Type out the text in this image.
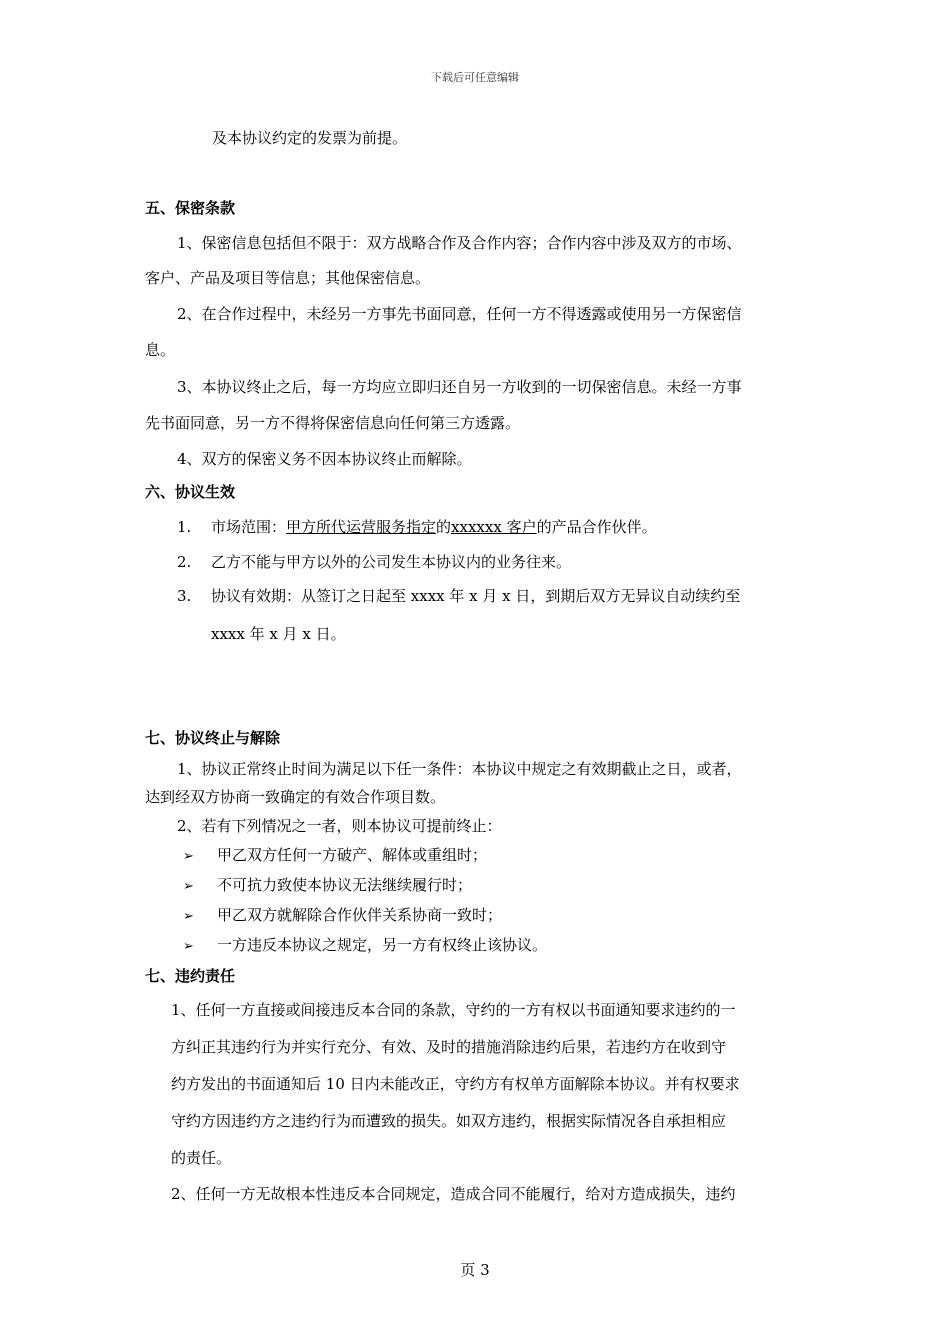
下载后可任意编辑
及本协议约定的发票为前提。
五、保密条款
1、保密信息包括但不限于：双方战略合作及合作内容；合作内容中涉及双方的市场、
客户、产品及项目等信息；其他保密信息。
2、在合作过程中，未经另一方事先书面同意，任何一方不得透露或使用另一方保密信
息。
3、本协议终止之后，每一方均应立即归还自另一方收到的一切保密信息。未经一方事
先书面同意，另一方不得将保密信息向任何第三方透露。
4、双方的保密义务不因本协议终止而解除。
六、协议生效
1. 市场范围：甲方所代运营服务指定的xxxxxx 客户的产品合作伙伴。
2. 乙方不能与甲方以外的公司发生本协议内的业务往来。
3. 协议有效期：从签订之日起至 xxxx 年 x 月 x 日，到期后双方无异议自动续约至
xxxx 年 x 月 x 日。
七、协议终止与解除
1、协议正常终止时间为满足以下任一条件：本协议中规定之有效期截止之日，或者，
达到经双方协商一致确定的有效合作项目数。
2、若有下列情况之一者，则本协议可提前终止：
➢ 甲乙双方任何一方破产、解体或重组时；
➢ 不可抗力致使本协议无法继续履行时；
➢ 甲乙双方就解除合作伙伴关系协商一致时；
➢ 一方违反本协议之规定，另一方有权终止该协议。
七、违约责任
1、任何一方直接或间接违反本合同的条款，守约的一方有权以书面通知要求违约的一
方纠正其违约行为并实行充分、有效、及时的措施消除违约后果，若违约方在收到守
约方发出的书面通知后 10 日内未能改正，守约方有权单方面解除本协议。并有权要求
守约方因违约方之违约行为而遭致的损失。如双方违约，根据实际情况各自承担相应
的责任。
2、任何一方无故根本性违反本合同规定，造成合同不能履行，给对方造成损失，违约
页 3
